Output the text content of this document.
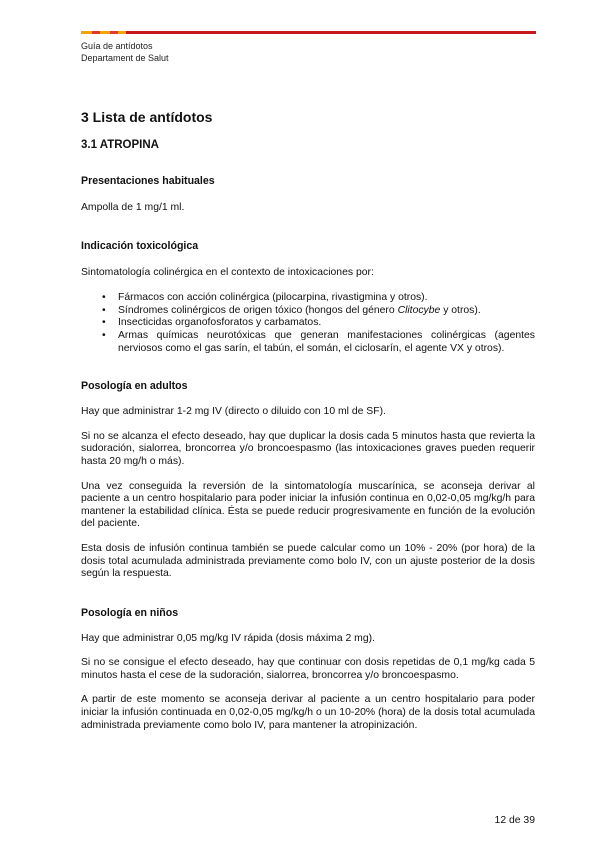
Guía de antídotos
Departament de Salut
3 Lista de antídotos
3.1 ATROPINA
Presentaciones habituales

Ampolla de 1 mg/1 ml.

Indicación toxicológica

Sintomatología colinérgica en el contexto de intoxicaciones por:

• Fármacos con acción colinérgica (pilocarpina, rivastigmina y otros).
• Síndromes colinérgicos de origen tóxico (hongos del género Clitocybe y otros).
• Insecticidas organofosforatos y carbamatos.
• Armas químicas neurotóxicas que generan manifestaciones colinérgicas (agentes nerviosos como el gas sarín, el tabún, el somán, el ciclosarín, el agente VX y otros).
Posología en adultos

Hay que administrar 1-2 mg IV (directo o diluido con 10 ml de SF).

Si no se alcanza el efecto deseado, hay que duplicar la dosis cada 5 minutos hasta que revierta la sudoración, sialorrea, broncorrea y/o broncoespasmo (las intoxicaciones graves pueden requerir hasta 20 mg/h o más).

Una vez conseguida la reversión de la sintomatología muscarínica, se aconseja derivar al paciente a un centro hospitalario para poder iniciar la infusión continua en 0,02-0,05 mg/kg/h para mantener la estabilidad clínica. Ésta se puede reducir progresivamente en función de la evolución del paciente.

Esta dosis de infusión continua también se puede calcular como un 10% - 20% (por hora) de la dosis total acumulada administrada previamente como bolo IV, con un ajuste posterior de la dosis según la respuesta.

Posología en niños

Hay que administrar 0,05 mg/kg IV rápida (dosis máxima 2 mg).

Si no se consigue el efecto deseado, hay que continuar con dosis repetidas de 0,1 mg/kg cada 5 minutos hasta el cese de la sudoración, sialorrea, broncorrea y/o broncoespasmo.

A partir de este momento se aconseja derivar al paciente a un centro hospitalario para poder iniciar la infusión continuada en 0,02-0,05 mg/kg/h o un 10-20% (hora) de la dosis total acumulada administrada previamente como bolo IV, para mantener la atropinización.

12 de 39
